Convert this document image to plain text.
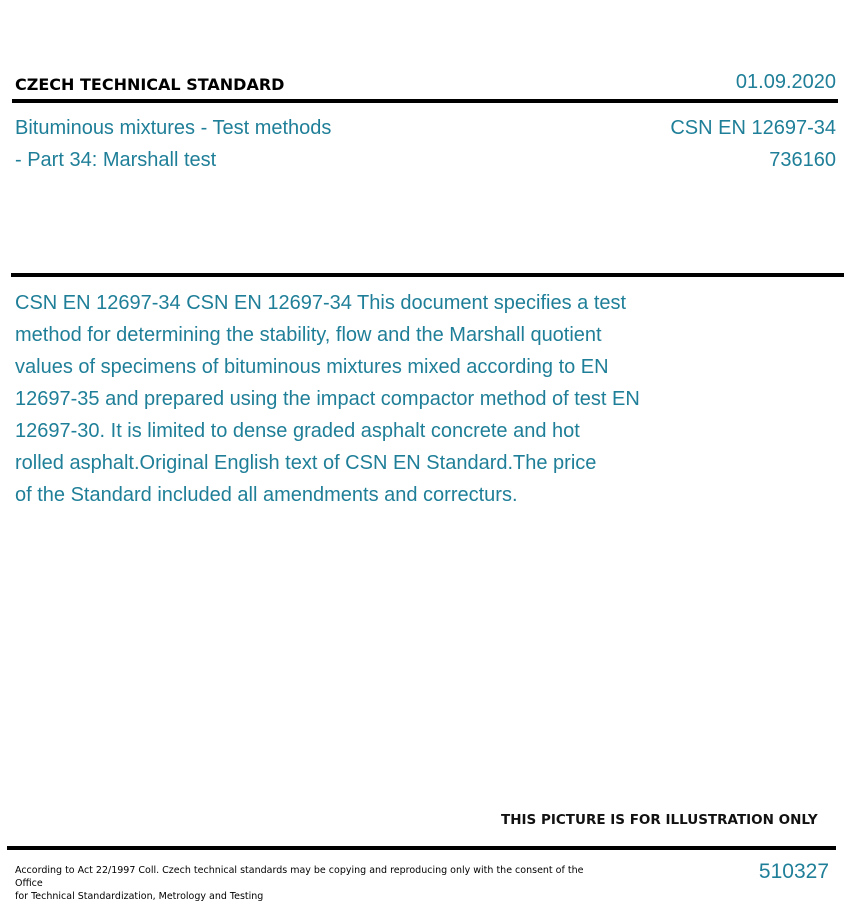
CZECH TECHNICAL STANDARD	01.09.2020
Bituminous mixtures - Test methods
- Part 34: Marshall test
CSN EN 12697-34
736160
CSN EN 12697-34 CSN EN 12697-34 This document specifies a test
method for determining the stability, flow and the Marshall quotient
values of specimens of bituminous mixtures mixed according to EN
12697-35 and prepared using the impact compactor method of test EN
12697-30. It is limited to dense graded asphalt concrete and hot
rolled asphalt.Original English text of CSN EN Standard.The price
of the Standard included all amendments and correcturs.
THIS PICTURE IS FOR ILLUSTRATION ONLY
According to Act 22/1997 Coll. Czech technical standards may be copying and reproducing only with the consent of the Office
for Technical Standardization, Metrology and Testing
510327
